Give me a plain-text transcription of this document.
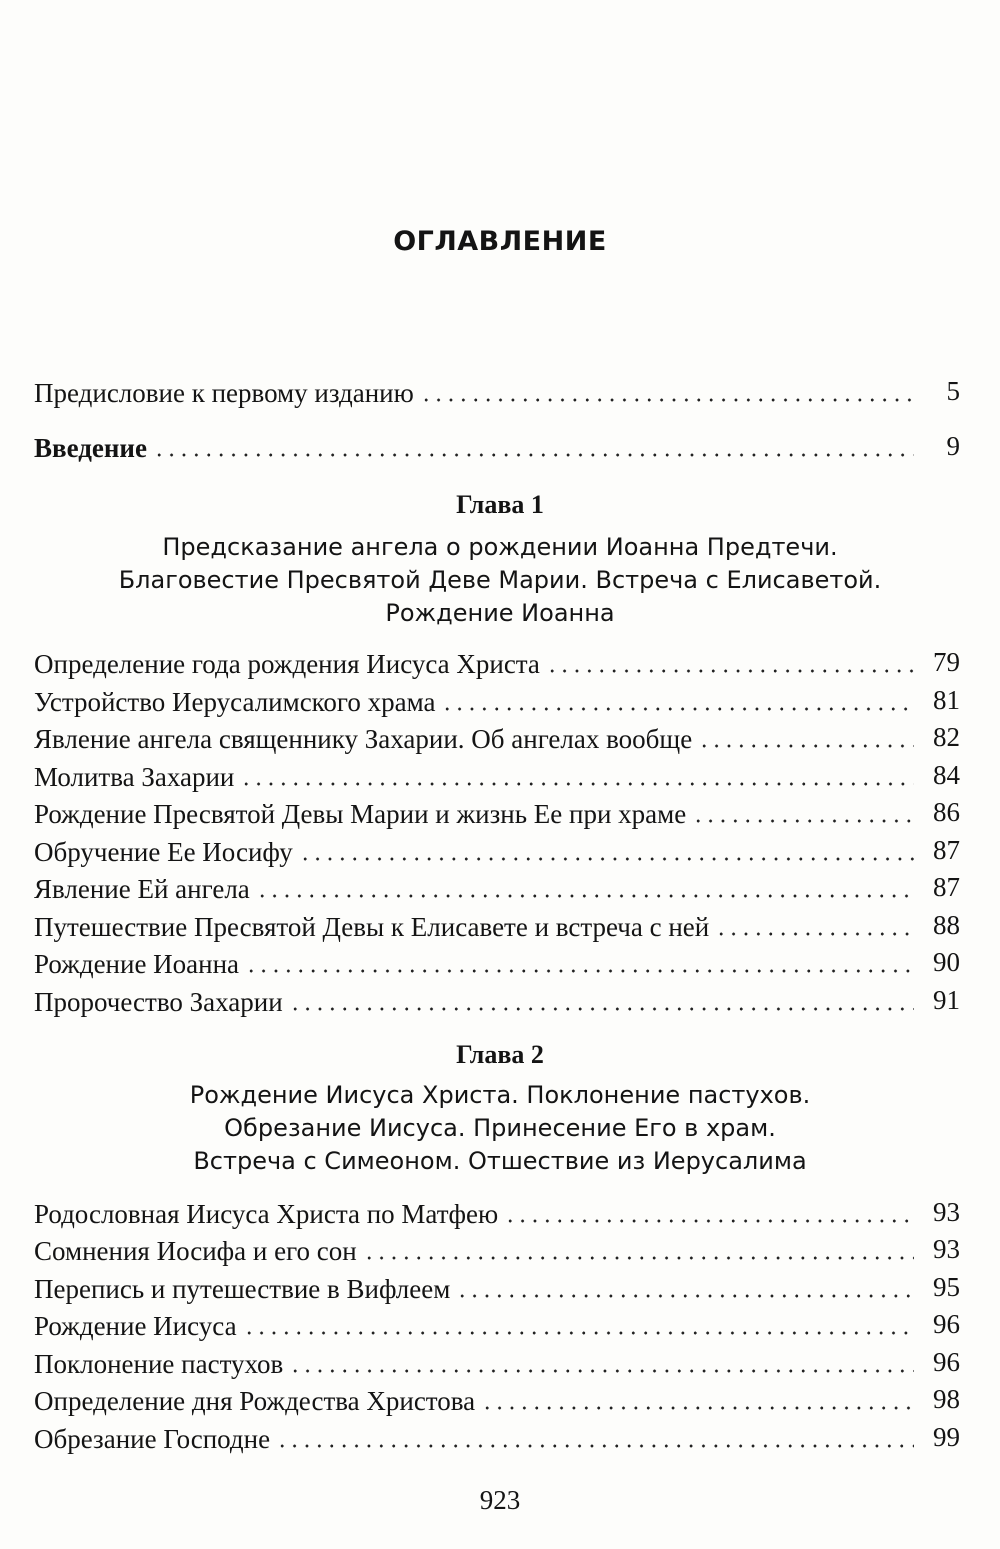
ОГЛАВЛЕНИЕ
Предисловие к первому изданию	5
Введение	9
Определение года рождения Иисуса Христа	79
Устройство Иерусалимского храма	81
Явление ангела священнику Захарии. Об ангелах вообще	82
Молитва Захарии	84
Рождение Пресвятой Девы Марии и жизнь Ее при храме	86
Обручение Ее Иосифу	87
Явление Ей ангела	87
Путешествие Пресвятой Девы к Елисавете и встреча с ней	88
Рождение Иоанна	90
Пророчество Захарии	91
Родословная Иисуса Христа по Матфею	93
Сомнения Иосифа и его сон	93
Перепись и путешествие в Вифлеем	95
Рождение Иисуса	96
Поклонение пастухов	96
Определение дня Рождества Христова	98
Обрезание Господне	99
Глава 1
Предсказание ангела о рождении Иоанна Предтечи.
Благовестие Пресвятой Деве Марии. Встреча с Елисаветой.
Рождение Иоанна
Глава 2
Рождение Иисуса Христа. Поклонение пастухов.
Обрезание Иисуса. Принесение Его в храм.
Встреча с Симеоном. Отшествие из Иерусалима
923
